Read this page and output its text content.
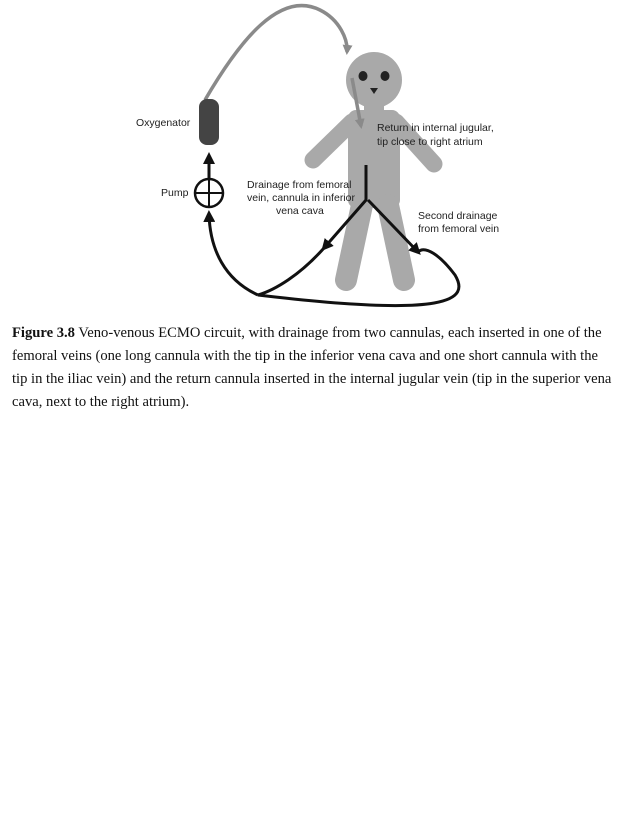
Oxygenator
Pump
Return in internal jugular,
tip close to right atrium
Drainage from femoral
vein, cannula in inferior
vena cava	Second drainage
from femoral vein

Figure 3.8 Veno-venous ECMO circuit, with drainage from two cannulas, each inserted in one of the femoral veins (one long cannula with the tip in the inferior vena cava and one short cannula with the tip in the iliac vein) and the return cannula inserted in the internal jugular vein (tip in the superior vena cava, next to the right atrium).
